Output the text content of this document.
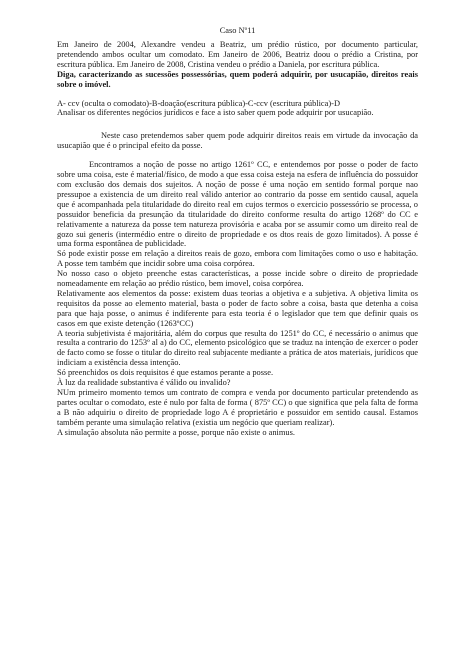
Caso Nº11

Em Janeiro de 2004, Alexandre vendeu a Beatriz, um prédio rústico, por documento particular, pretendendo ambos ocultar um comodato. Em Janeiro de 2006, Beatriz doou o prédio a Cristina, por escritura pública. Em Janeiro de 2008, Cristina vendeu o prédio a Daniela, por escritura pública.

Diga, caracterizando as sucessões possessórias, quem poderá adquirir, por usucapião, direitos reais sobre o imóvel.

A- ccv (oculta o comodato)-B-doação(escritura pública)-C-ccv (escritura pública)-D

Analisar os diferentes negócios jurídicos e face a isto saber quem pode adquirir por usucapião.

Neste caso pretendemos saber quem pode adquirir direitos reais em virtude da invocação da usucapião que é o principal efeito da posse.

Encontramos a noção de posse no artigo 1261º CC, e entendemos por posse o poder de facto sobre uma coisa, este é material/físico, de modo a que essa coisa esteja na esfera de influência do possuidor com exclusão dos demais dos sujeitos. A noção de posse é uma noção em sentido formal porque nao pressupoe a existencia de um direito real válido anterior ao contrario da posse em sentido causal, aquela que é acompanhada pela titularidade do direito real em cujos termos o exercicio possessório se processa, o possuidor beneficia da presunção da titularidade do direito conforme resulta do artigo 1268º do CC e relativamente a natureza da posse tem natureza provisória e acaba por se assumir como um direito real de gozo sui generis (intermédio entre o direito de propriedade e os dtos reais de gozo limitados). A posse é uma forma espontânea de publicidade.

Só pode existir posse em relação a direitos reais de gozo, embora com limitações como o uso e habitação. A posse tem também que incidir sobre uma coisa corpórea.

No nosso caso o objeto preenche estas características, a posse incide sobre o direito de propriedade nomeadamente em relação ao prédio rústico, bem imovel, coisa corpórea.

Relativamente aos elementos da posse: existem duas teorias a objetiva e a subjetiva. A objetiva limita os requisitos da posse ao elemento material, basta o poder de facto sobre a coisa, basta que detenha a coisa para que haja posse, o animus é indiferente para esta teoria é o legislador que tem que definir quais os casos em que existe detenção (1263ºCC)

A teoria subjetivista é majoritária, além do corpus que resulta do 1251º do CC, é necessário o animus que resulta a contrario do 1253º al a) do CC, elemento psicológico que se traduz na intenção de exercer o poder de facto como se fosse o titular do direito real subjacente mediante a prática de atos materiais, jurídicos que indiciam a existência dessa intenção.

Só preenchidos os dois requisitos é que estamos perante a posse.

À luz da realidade substantiva é válido ou invalido?

NUm primeiro momento temos um contrato de compra e venda por documento particular pretendendo as partes ocultar o comodato, este é nulo por falta de forma ( 875º CC) o que significa que pela falta de forma a B não adquiriu o direito de propriedade logo A é proprietário e possuidor em sentido causal. Estamos também perante uma simulação relativa (existia um negócio que queriam realizar).

A simulação absoluta não permite a posse, porque não existe o animus.
